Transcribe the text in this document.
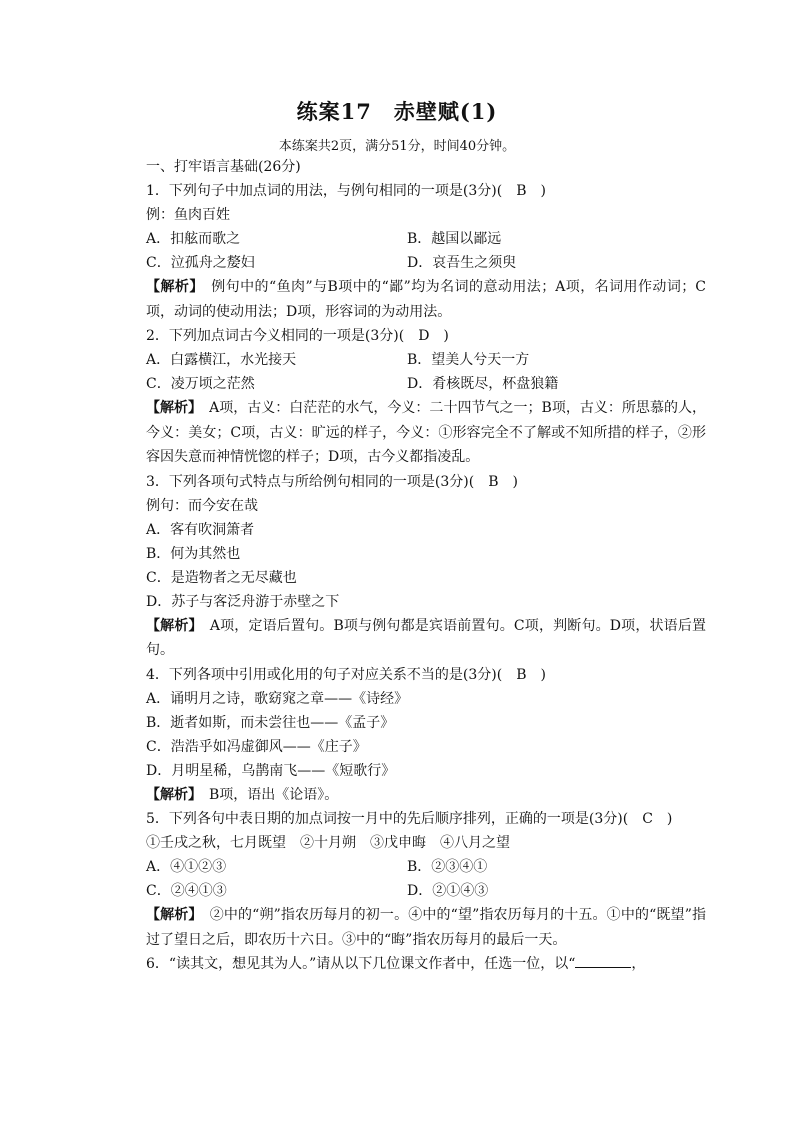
练案17 赤壁赋(1)
本练案共2页，满分51分，时间40分钟。
一、打牢语言基础(26分)
1．下列句子中加点词的用法，与例句相同的一项是(3分)(　B　)
例：鱼肉百姓
A．扣舷而歌之	B．越国以鄙远
C．泣孤舟之嫠妇	D．哀吾生之须臾
【解析】　 例句中的“鱼肉”与B项中的“鄙”均为名词的意动用法；A项，名词用作动词；C项，动词的使动用法；D项，形容词的为动用法。
2．下列加点词古今义相同的一项是(3分)(　D　)
A．白露横江，水光接天	B．望美人兮天一方
C．凌万顷之茫然	D．肴核既尽，杯盘狼籍
【解析】　 A项，古义：白茫茫的水气，今义：二十四节气之一；B项，古义：所思慕的人，今义：美女；C项，古义：旷远的样子，今义：①形容完全不了解或不知所措的样子，②形容因失意而神情恍惚的样子；D项，古今义都指凌乱。
3．下列各项句式特点与所给例句相同的一项是(3分)(　B　)
例句：而今安在哉
A．客有吹洞箫者
B．何为其然也
C．是造物者之无尽藏也
D．苏子与客泛舟游于赤壁之下
【解析】　 A项，定语后置句。B项与例句都是宾语前置句。C项，判断句。D项，状语后置句。
4．下列各项中引用或化用的句子对应关系不当的是(3分)(　B　)
A．诵明月之诗，歌窈窕之章——《诗经》
B．逝者如斯，而未尝往也——《孟子》
C．浩浩乎如冯虚御风——《庄子》
D．月明星稀，乌鹊南飞——《短歌行》
【解析】　 B项，语出《论语》。
5．下列各句中表日期的加点词按一月中的先后顺序排列，正确的一项是(3分)(　C　)
①壬戌之秋，七月既望　②十月朔　③戊申晦　④八月之望
A．④①②③	B．②③④①
C．②④①③	D．②①④③
【解析】　 ②中的“朔”指农历每月的初一。④中的“望”指农历每月的十五。①中的“既望”指过了望日之后，即农历十六日。③中的“晦”指农历每月的最后一天。
6．“读其文，想见其为人。”请从以下几位课文作者中，任选一位，以“	，
